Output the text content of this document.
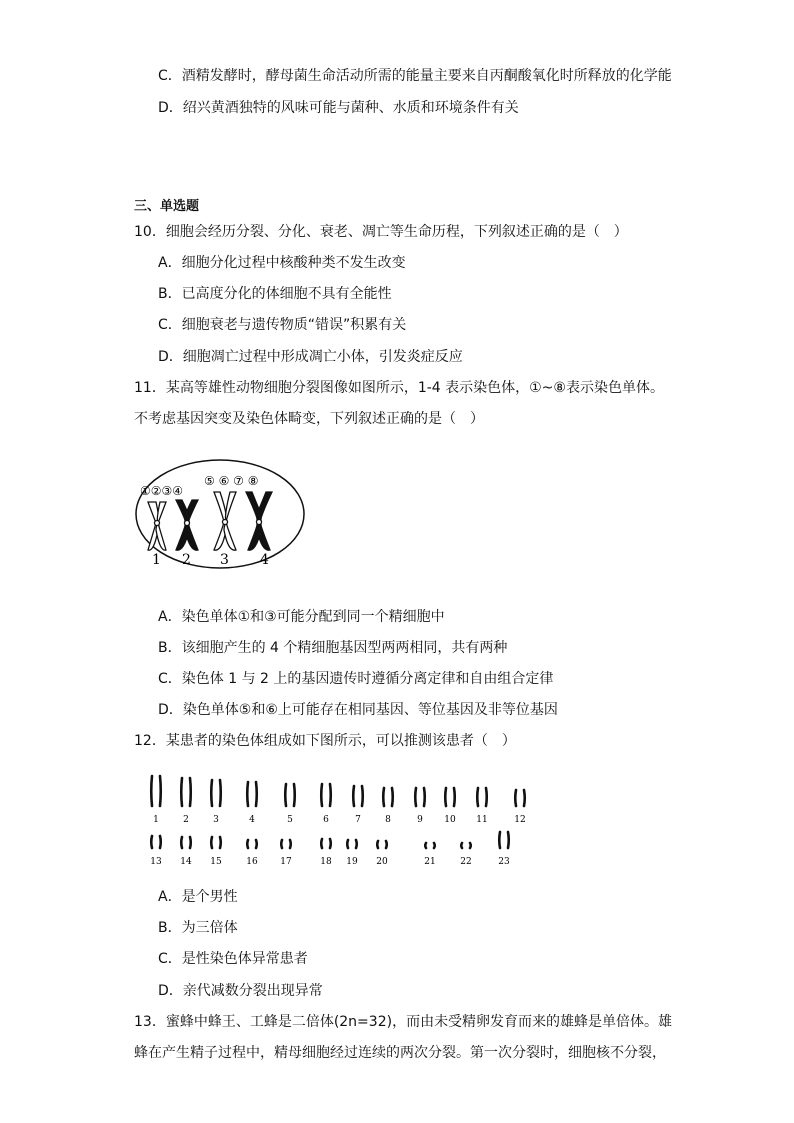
C．酒精发酵时，酵母菌生命活动所需的能量主要来自丙酮酸氧化时所释放的化学能
D．绍兴黄酒独特的风味可能与菌种、水质和环境条件有关
三、单选题
10．细胞会经历分裂、分化、衰老、凋亡等生命历程，下列叙述正确的是（　）
A．细胞分化过程中核酸种类不发生改变
B．已高度分化的体细胞不具有全能性
C．细胞衰老与遗传物质“错误”积累有关
D．细胞凋亡过程中形成凋亡小体，引发炎症反应
11．某高等雄性动物细胞分裂图像如图所示，1-4 表示染色体，①~⑧表示染色单体。
不考虑基因突变及染色体畸变，下列叙述正确的是（　）
①②③④
⑤ ⑥ ⑦ ⑧
1 2 3 4
A．染色单体①和③可能分配到同一个精细胞中
B．该细胞产生的 4 个精细胞基因型两两相同，共有两种
C．染色体 1 与 2 上的基因遗传时遵循分离定律和自由组合定律
D．染色单体⑤和⑥上可能存在相同基因、等位基因及非等位基因
12．某患者的染色体组成如下图所示，可以推测该患者（　）
1	2	3	4	5	6	7	8	9 10 11	12
13 14 15	16	17	18 19 20	21	22	23
A．是个男性
B．为三倍体
C．是性染色体异常患者
D．亲代减数分裂出现异常
13．蜜蜂中蜂王、工蜂是二倍体(2n=32)，而由未受精卵发育而来的雄蜂是单倍体。雄
蜂在产生精子过程中，精母细胞经过连续的两次分裂。第一次分裂时，细胞核不分裂，
